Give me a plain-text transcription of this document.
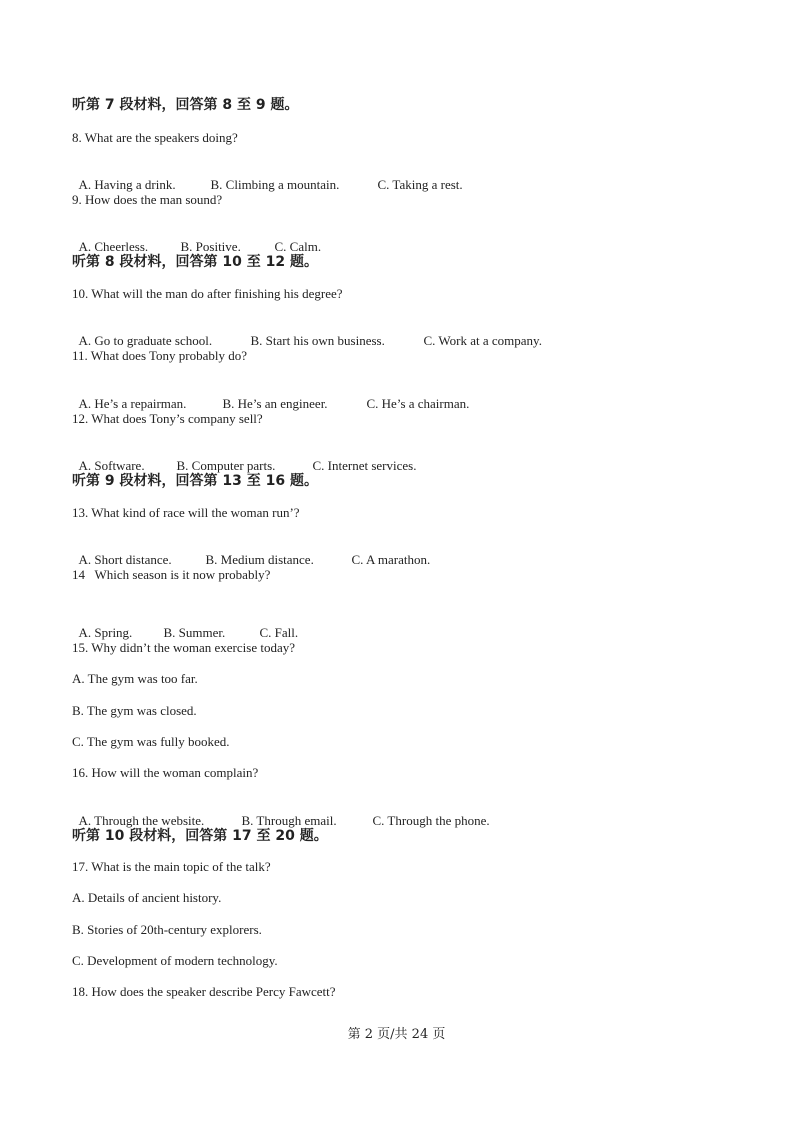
听第 7 段材料，回答第 8 至 9 题。
8. What are the speakers doing?

A. Having a drink.	B. Climbing a mountain.	C. Taking a rest.

9. How does the man sound?

A. Cheerless. B. Positive.	C. Calm.

听第 8 段材料，回答第 10 至 12 题。
10. What will the man do after finishing his degree?

A. Go to graduate school.	B. Start his own business.	C. Work at a company.

11. What does Tony probably do?

A. He’s a repairman.	B. He’s an engineer.	C. He’s a chairman.

12. What does Tony’s company sell?

A. Software. B. Computer parts.	C. Internet services.

听第 9 段材料，回答第 13 至 16 题。
13. What kind of race will the woman run’?

A. Short distance.	B. Medium distance.	C. A marathon.

14   Which season is it now probably?

A. Spring. B. Summer.	C. Fall.

15. Why didn’t the woman exercise today?
A. The gym was too far.
B. The gym was closed.
C. The gym was fully booked.
16. How will the woman complain?

A. Through the website.	B. Through email.	C. Through the phone.

听第 10 段材料，回答第 17 至 20 题。
17. What is the main topic of the talk?
A. Details of ancient history.
B. Stories of 20th-century explorers.
C. Development of modern technology.
18. How does the speaker describe Percy Fawcett?
第 2 页/共 24 页
